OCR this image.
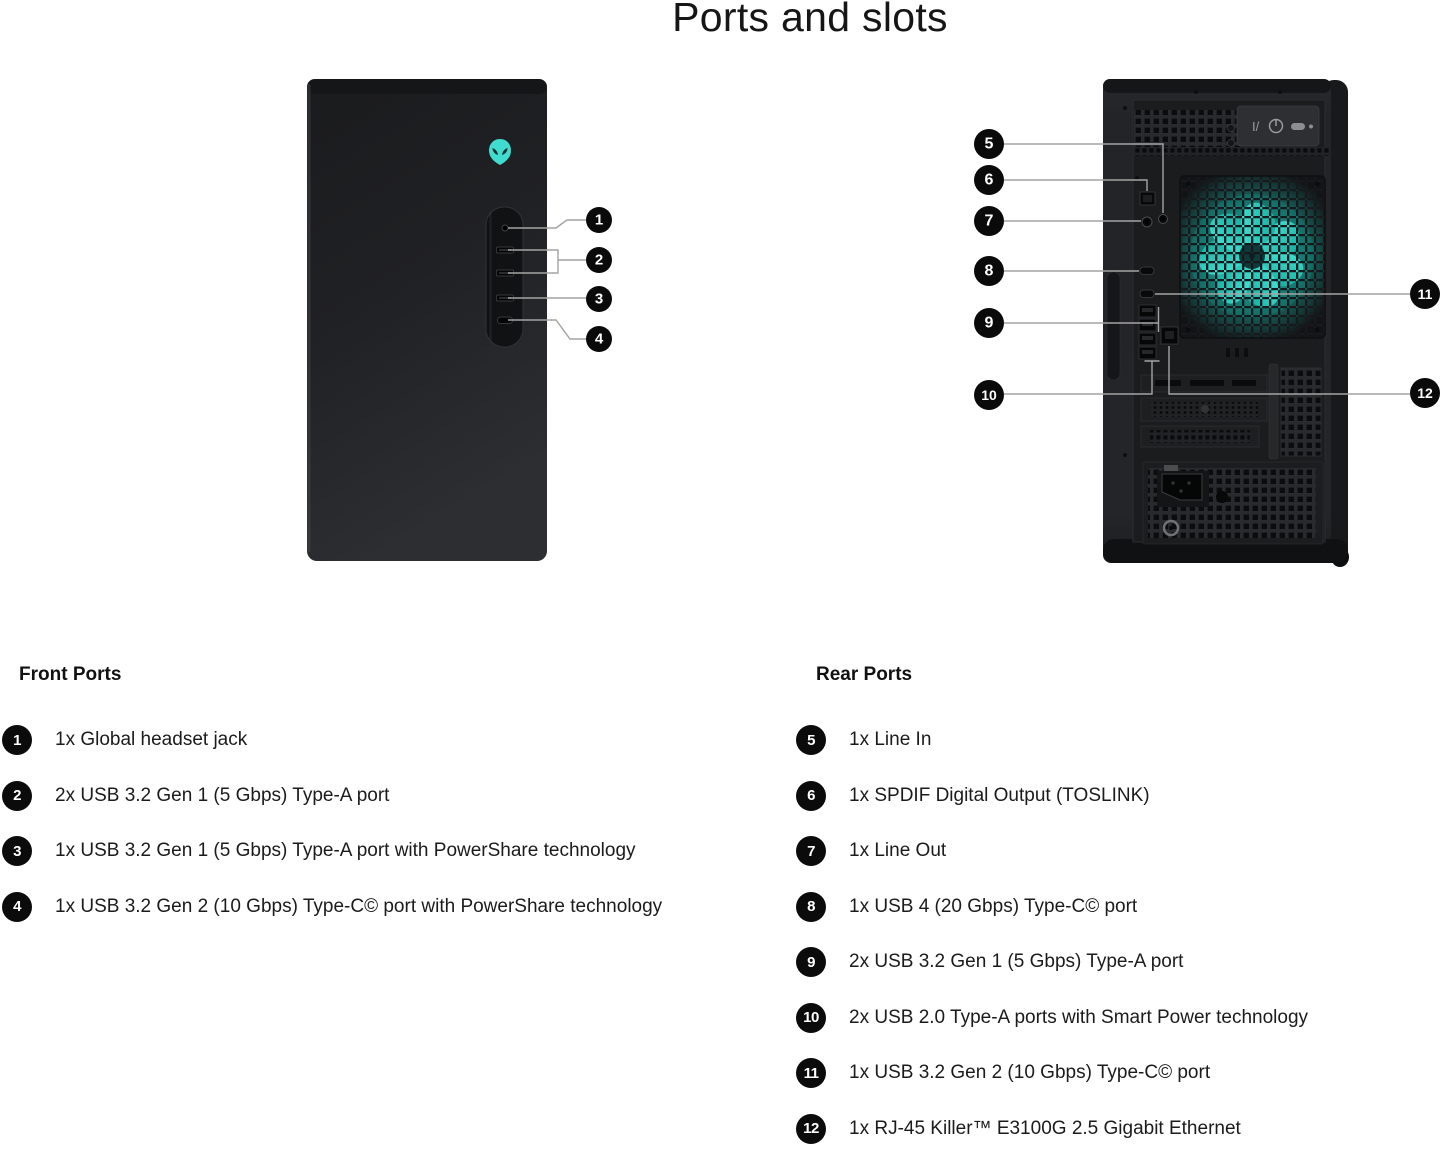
Ports and slots
1
2
3
4
I/
5
6
7
8
9
10
11
12
Front Ports
1	1x Global headset jack
2	2x USB 3.2 Gen 1 (5 Gbps) Type-A port
3	1x USB 3.2 Gen 1 (5 Gbps) Type-A port with PowerShare technology
4	1x USB 3.2 Gen 2 (10 Gbps) Type-C© port with PowerShare technology
Rear Ports
5	1x Line In
6	1x SPDIF Digital Output (TOSLINK)
7	1x Line Out
8	1x USB 4 (20 Gbps) Type-C© port
9	2x USB 3.2 Gen 1 (5 Gbps) Type-A port
10	2x USB 2.0 Type-A ports with Smart Power technology
11	1x USB 3.2 Gen 2 (10 Gbps) Type-C© port
12	1x RJ-45 Killer™ E3100G 2.5 Gigabit Ethernet
